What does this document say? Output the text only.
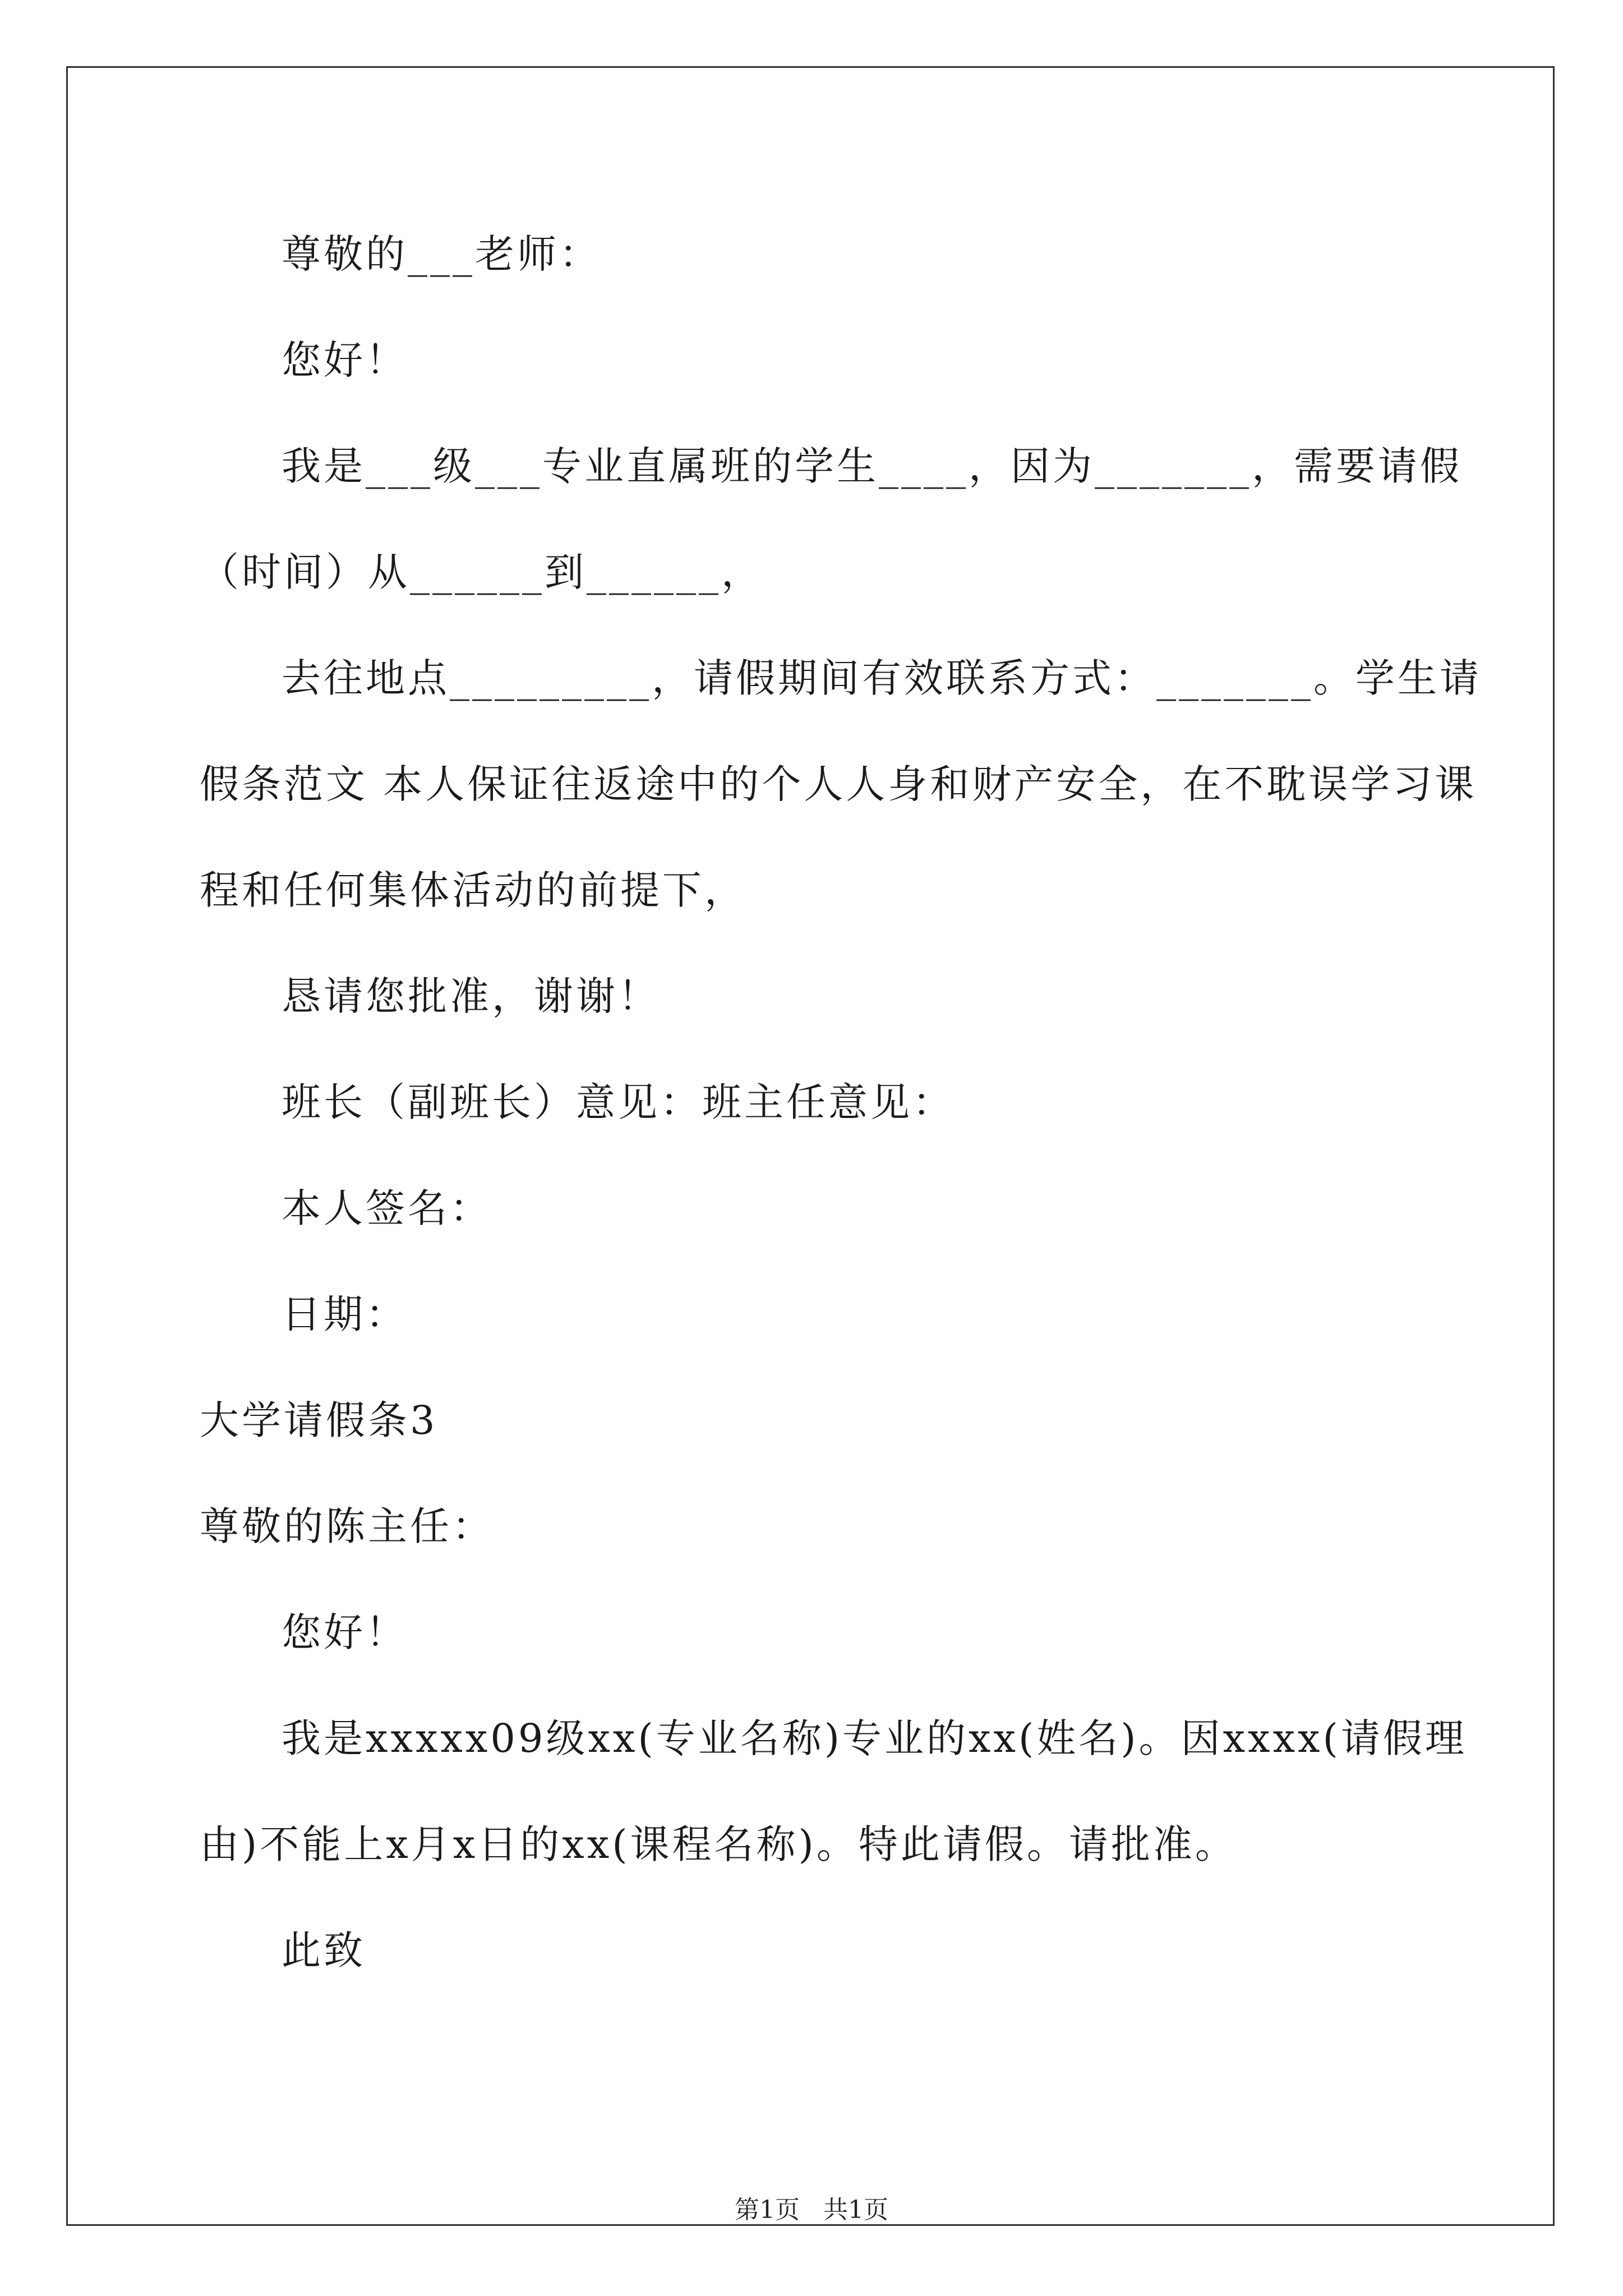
尊敬的___老师：
您好！
我是___级___专业直属班的学生____，因为_______，需要请假
（时间）从______到______，
去往地点_________，请假期间有效联系方式：_______。学生请
假条范文 本人保证往返途中的个人人身和财产安全，在不耽误学习课
程和任何集体活动的前提下，
恳请您批准，谢谢！
班长（副班长）意见：班主任意见：
本人签名：
日期：
大学请假条3
尊敬的陈主任：
您好！
我是xxxxx09级xx(专业名称)专业的xx(姓名)。因xxxx(请假理
由)不能上x月x日的xx(课程名称)。特此请假。请批准。
此致
第1页   共1页
